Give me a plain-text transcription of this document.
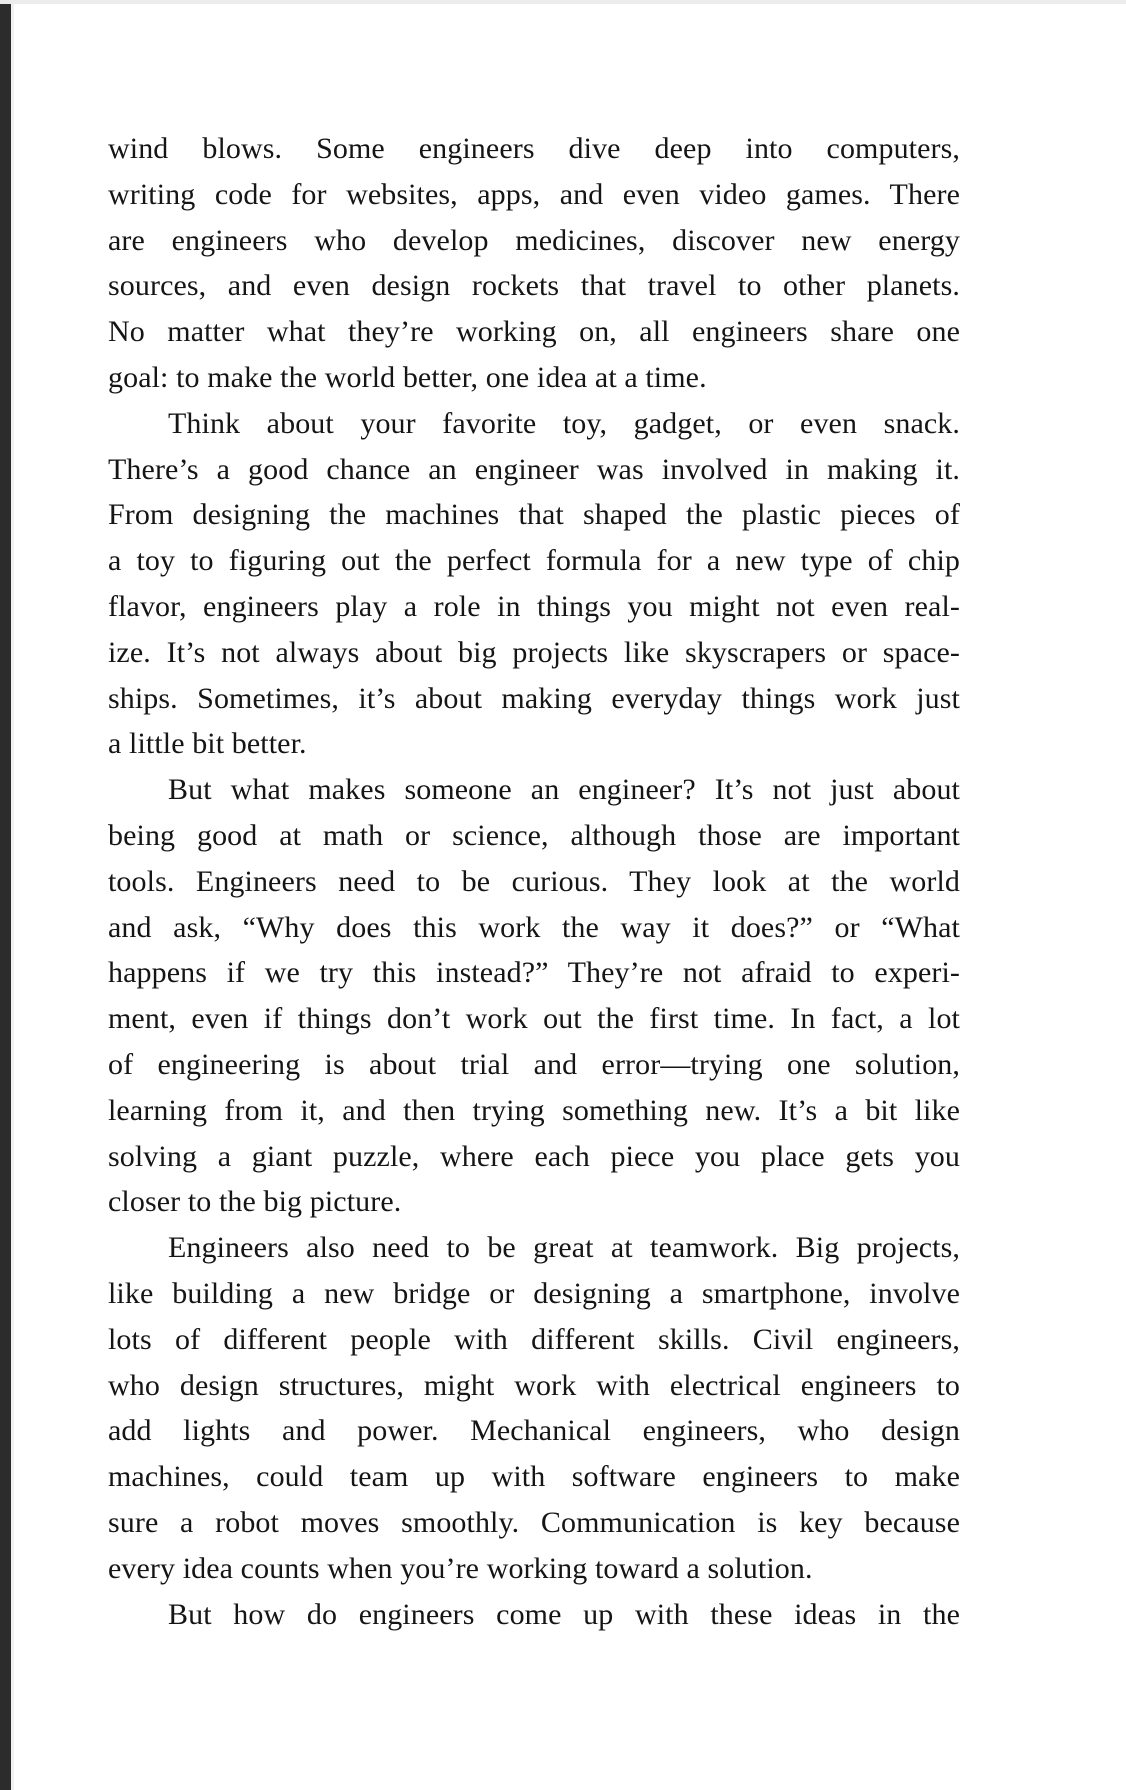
wind blows. Some engineers dive deep into computers,
writing code for websites, apps, and even video games. There
are engineers who develop medicines, discover new energy
sources, and even design rockets that travel to other planets.
No matter what they’re working on, all engineers share one
goal: to make the world better, one idea at a time.
Think about your favorite toy, gadget, or even snack.
There’s a good chance an engineer was involved in making it.
From designing the machines that shaped the plastic pieces of
a toy to figuring out the perfect formula for a new type of chip
flavor, engineers play a role in things you might not even real-
ize. It’s not always about big projects like skyscrapers or space-
ships. Sometimes, it’s about making everyday things work just
a little bit better.
But what makes someone an engineer? It’s not just about
being good at math or science, although those are important
tools. Engineers need to be curious. They look at the world
and ask, “Why does this work the way it does?” or “What
happens if we try this instead?” They’re not afraid to experi-
ment, even if things don’t work out the first time. In fact, a lot
of engineering is about trial and error—trying one solution,
learning from it, and then trying something new. It’s a bit like
solving a giant puzzle, where each piece you place gets you
closer to the big picture.
Engineers also need to be great at teamwork. Big projects,
like building a new bridge or designing a smartphone, involve
lots of different people with different skills. Civil engineers,
who design structures, might work with electrical engineers to
add lights and power. Mechanical engineers, who design
machines, could team up with software engineers to make
sure a robot moves smoothly. Communication is key because
every idea counts when you’re working toward a solution.
But how do engineers come up with these ideas in the
